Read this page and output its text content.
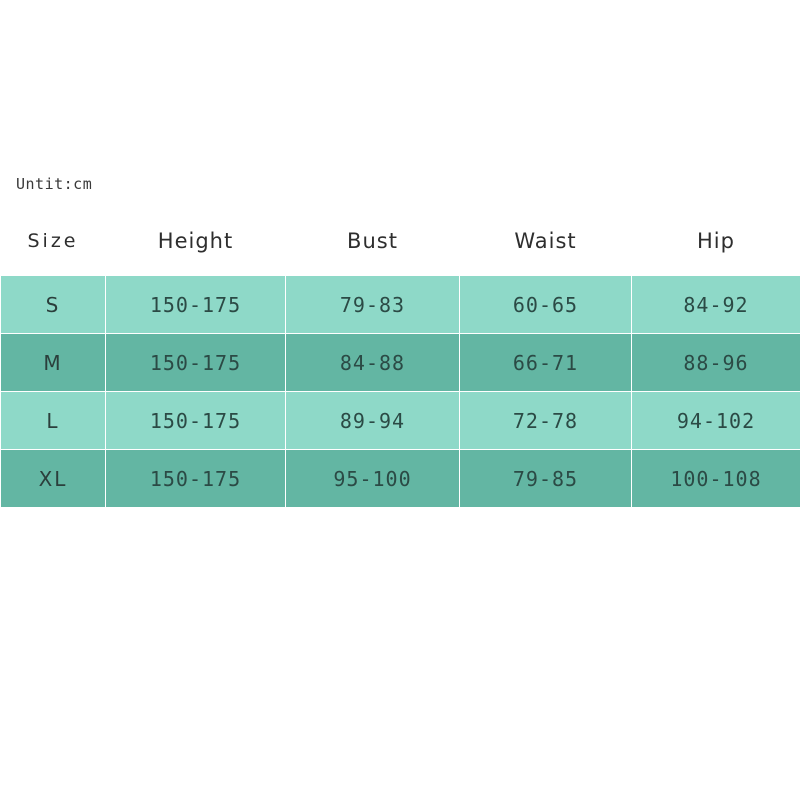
Untit:cm
Size	Height	Bust	Waist	Hip
S	150-175	79-83	60-65	84-92
M	150-175	84-88	66-71	88-96
L	150-175	89-94	72-78	94-102
XL	150-175	95-100	79-85	100-108
